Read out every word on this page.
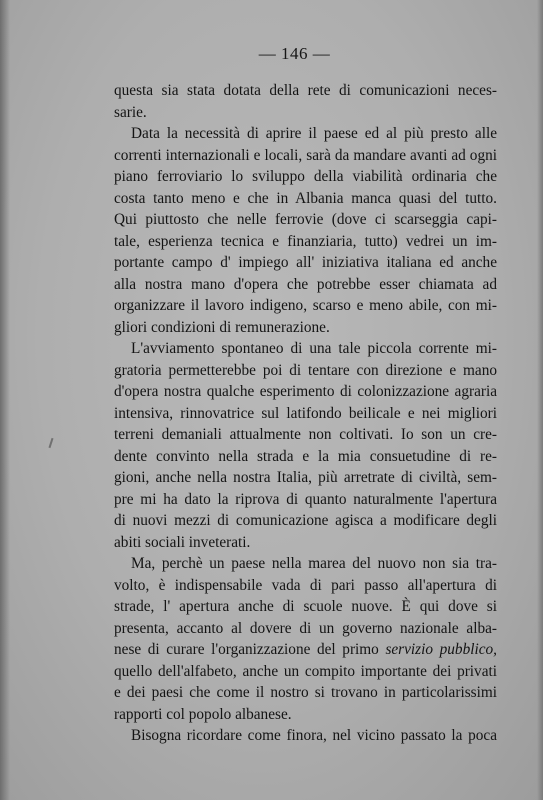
— 146 —
questa sia stata dotata della rete di comunicazioni neces-
sarie.
Data la necessità di aprire il paese ed al più presto alle
correnti internazionali e locali, sarà da mandare avanti ad ogni
piano ferroviario lo sviluppo della viabilità ordinaria che
costa tanto meno e che in Albania manca quasi del tutto.
Qui piuttosto che nelle ferrovie (dove ci scarseggia capi-
tale, esperienza tecnica e finanziaria, tutto) vedrei un im-
portante campo d' impiego all' iniziativa italiana ed anche
alla nostra mano d'opera che potrebbe esser chiamata ad
organizzare il lavoro indigeno, scarso e meno abile, con mi-
gliori condizioni di remunerazione.
L'avviamento spontaneo di una tale piccola corrente mi-
gratoria permetterebbe poi di tentare con direzione e mano
d'opera nostra qualche esperimento di colonizzazione agraria
intensiva, rinnovatrice sul latifondo beilicale e nei migliori
terreni demaniali attualmente non coltivati. Io son un cre-
dente convinto nella strada e la mia consuetudine di re-
gioni, anche nella nostra Italia, più arretrate di civiltà, sem-
pre mi ha dato la riprova di quanto naturalmente l'apertura
di nuovi mezzi di comunicazione agisca a modificare degli
abiti sociali inveterati.
Ma, perchè un paese nella marea del nuovo non sia tra-
volto, è indispensabile vada di pari passo all'apertura di
strade, l' apertura anche di scuole nuove. È qui dove si
presenta, accanto al dovere di un governo nazionale alba-
nese di curare l'organizzazione del primo servizio pubblico,
quello dell'alfabeto, anche un compito importante dei privati
e dei paesi che come il nostro si trovano in particolarissimi
rapporti col popolo albanese.
Bisogna ricordare come finora, nel vicino passato la poca
